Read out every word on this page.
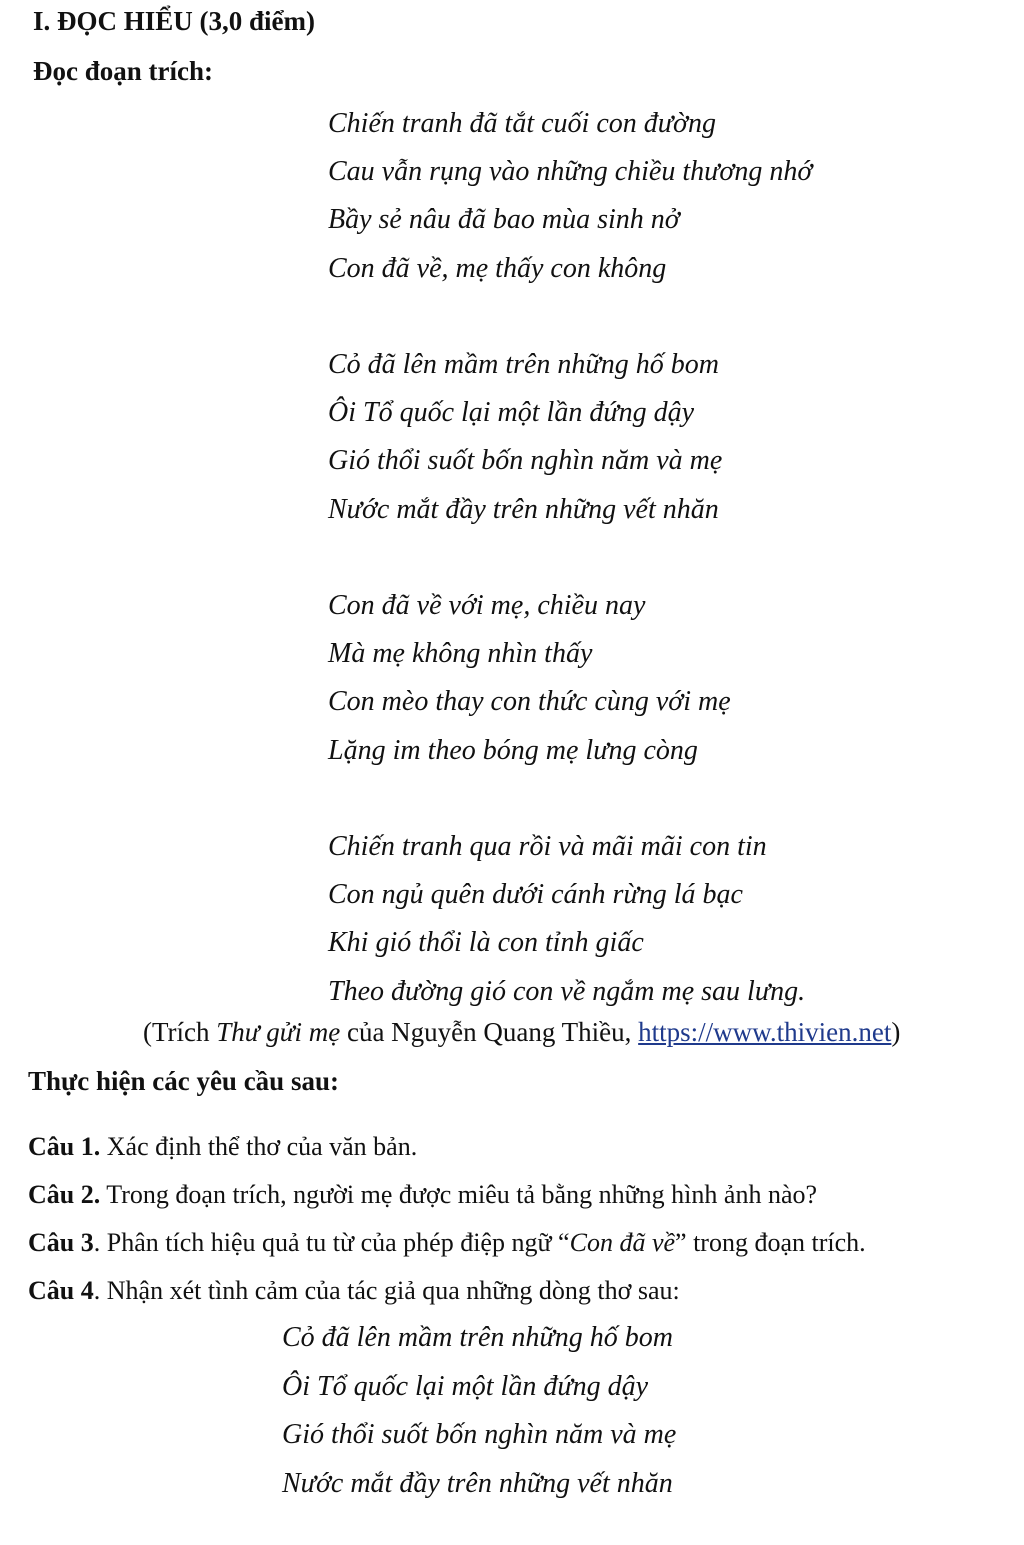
I. ĐỌC HIỂU (3,0 điểm)
Đọc đoạn trích:
Chiến tranh đã tắt cuối con đường
Cau vẫn rụng vào những chiều thương nhớ
Bầy sẻ nâu đã bao mùa sinh nở
Con đã về, mẹ thấy con không
Cỏ đã lên mầm trên những hố bom
Ôi Tổ quốc lại một lần đứng dậy
Gió thổi suốt bốn nghìn năm và mẹ
Nước mắt đầy trên những vết nhăn
Con đã về với mẹ, chiều nay
Mà mẹ không nhìn thấy
Con mèo thay con thức cùng với mẹ
Lặng im theo bóng mẹ lưng còng
Chiến tranh qua rồi và mãi mãi con tin
Con ngủ quên dưới cánh rừng lá bạc
Khi gió thổi là con tỉnh giấc
Theo đường gió con về ngắm mẹ sau lưng.
(Trích Thư gửi mẹ của Nguyễn Quang Thiều, https://www.thivien.net)
Thực hiện các yêu cầu sau:
Câu 1. Xác định thể thơ của văn bản.
Câu 2. Trong đoạn trích, người mẹ được miêu tả bằng những hình ảnh nào?
Câu 3. Phân tích hiệu quả tu từ của phép điệp ngữ “Con đã về” trong đoạn trích.
Câu 4. Nhận xét tình cảm của tác giả qua những dòng thơ sau:
Cỏ đã lên mầm trên những hố bom
Ôi Tổ quốc lại một lần đứng dậy
Gió thổi suốt bốn nghìn năm và mẹ
Nước mắt đầy trên những vết nhăn
